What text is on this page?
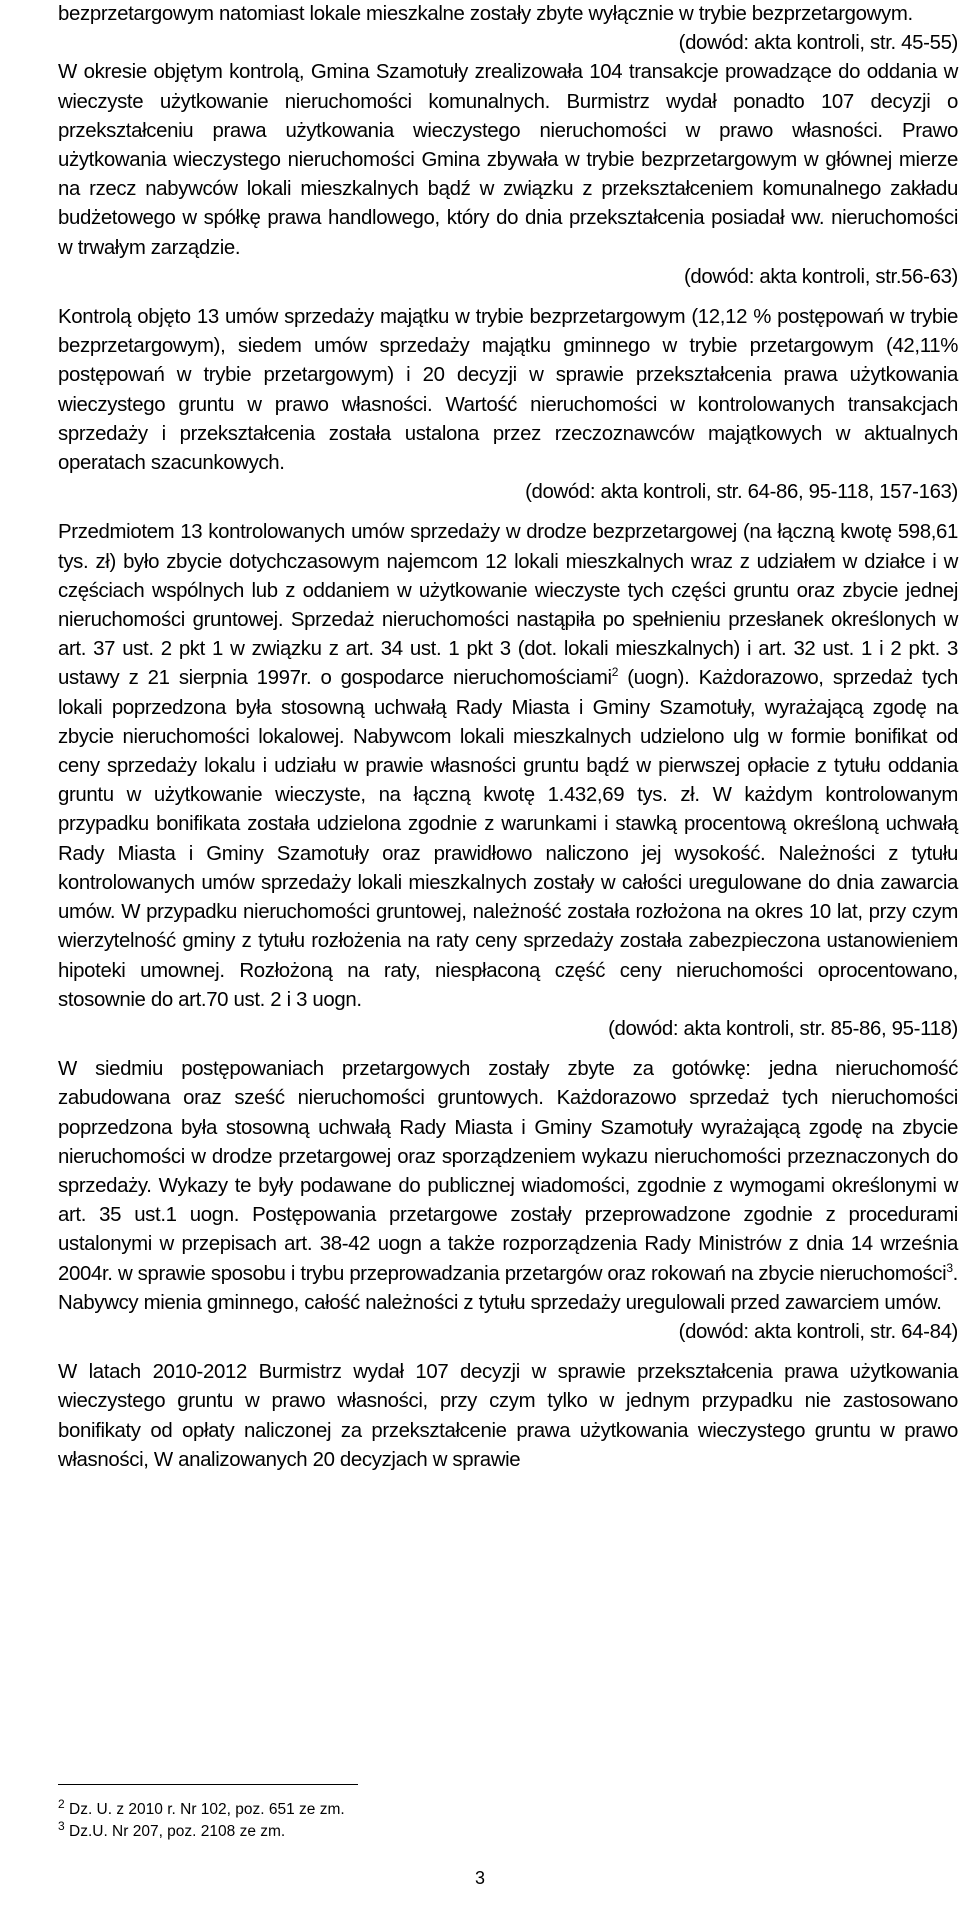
bezprzetargowym natomiast lokale mieszkalne zostały zbyte wyłącznie w trybie bezprzetargowym.

(dowód: akta kontroli, str. 45-55)

W okresie objętym kontrolą, Gmina Szamotuły zrealizowała 104 transakcje prowadzące do oddania w wieczyste użytkowanie nieruchomości komunalnych. Burmistrz wydał ponadto 107 decyzji o przekształceniu prawa użytkowania wieczystego nieruchomości w prawo własności. Prawo użytkowania wieczystego nieruchomości Gmina zbywała w trybie bezprzetargowym w głównej mierze na rzecz nabywców lokali mieszkalnych bądź w związku z przekształceniem komunalnego zakładu budżetowego w spółkę prawa handlowego, który do dnia przekształcenia posiadał ww. nieruchomości w trwałym zarządzie.

(dowód: akta kontroli, str.56-63)

Kontrolą objęto 13 umów sprzedaży majątku w trybie bezprzetargowym (12,12 % postępowań w trybie bezprzetargowym), siedem umów sprzedaży majątku gminnego w trybie przetargowym (42,11% postępowań w trybie przetargowym) i 20 decyzji w sprawie przekształcenia prawa użytkowania wieczystego gruntu w prawo własności. Wartość nieruchomości w kontrolowanych transakcjach sprzedaży i przekształcenia została ustalona przez rzeczoznawców majątkowych w aktualnych operatach szacunkowych.

(dowód: akta kontroli, str. 64-86, 95-118, 157-163)

Przedmiotem 13 kontrolowanych umów sprzedaży w drodze bezprzetargowej (na łączną kwotę 598,61 tys. zł) było zbycie dotychczasowym najemcom 12 lokali mieszkalnych wraz z udziałem w działce i w częściach wspólnych lub z oddaniem w użytkowanie wieczyste tych części gruntu oraz zbycie jednej nieruchomości gruntowej. Sprzedaż nieruchomości nastąpiła po spełnieniu przesłanek określonych w art. 37 ust. 2 pkt 1 w związku z art. 34 ust. 1 pkt 3 (dot. lokali mieszkalnych) i art. 32 ust. 1 i 2 pkt. 3 ustawy z 21 sierpnia 1997r. o gospodarce nieruchomościami$^2$ (uogn). Każdorazowo, sprzedaż tych lokali poprzedzona była stosowną uchwałą Rady Miasta i Gminy Szamotuły, wyrażającą zgodę na zbycie nieruchomości lokalowej. Nabywcom lokali mieszkalnych udzielono ulg w formie bonifikat od ceny sprzedaży lokalu i udziału w prawie własności gruntu bądź w pierwszej opłacie z tytułu oddania gruntu w użytkowanie wieczyste, na łączną kwotę 1.432,69 tys. zł. W każdym kontrolowanym przypadku bonifikata została udzielona zgodnie z warunkami i stawką procentową określoną uchwałą Rady Miasta i Gminy Szamotuły oraz prawidłowo naliczono jej wysokość. Należności z tytułu kontrolowanych umów sprzedaży lokali mieszkalnych zostały w całości uregulowane do dnia zawarcia umów. W przypadku nieruchomości gruntowej, należność została rozłożona na okres 10 lat, przy czym wierzytelność gminy z tytułu rozłożenia na raty ceny sprzedaży została zabezpieczona ustanowieniem hipoteki umownej. Rozłożoną na raty, niespłaconą część ceny nieruchomości oprocentowano, stosownie do art.70 ust. 2 i 3 uogn.

(dowód: akta kontroli, str. 85-86, 95-118)

W siedmiu postępowaniach przetargowych zostały zbyte za gotówkę: jedna nieruchomość zabudowana oraz sześć nieruchomości gruntowych. Każdorazowo sprzedaż tych nieruchomości poprzedzona była stosowną uchwałą Rady Miasta i Gminy Szamotuły wyrażającą zgodę na zbycie nieruchomości w drodze przetargowej oraz sporządzeniem wykazu nieruchomości przeznaczonych do sprzedaży. Wykazy te były podawane do publicznej wiadomości, zgodnie z wymogami określonymi w art. 35 ust.1 uogn. Postępowania przetargowe zostały przeprowadzone zgodnie z procedurami ustalonymi w przepisach art. 38-42 uogn a także rozporządzenia Rady Ministrów z dnia 14 września 2004r. w sprawie sposobu i trybu przeprowadzania przetargów oraz rokowań na zbycie nieruchomości$^3$. Nabywcy mienia gminnego, całość należności z tytułu sprzedaży uregulowali przed zawarciem umów.

(dowód: akta kontroli, str. 64-84)

W latach 2010-2012 Burmistrz wydał 107 decyzji w sprawie przekształcenia prawa użytkowania wieczystego gruntu w prawo własności, przy czym tylko w jednym przypadku nie zastosowano bonifikaty od opłaty naliczonej za przekształcenie prawa użytkowania wieczystego gruntu w prawo własności, W analizowanych 20 decyzjach w sprawie

$^2$ Dz. U. z 2010 r. Nr 102, poz. 651 ze zm.
$^3$ Dz.U. Nr 207, poz. 2108 ze zm.
3
